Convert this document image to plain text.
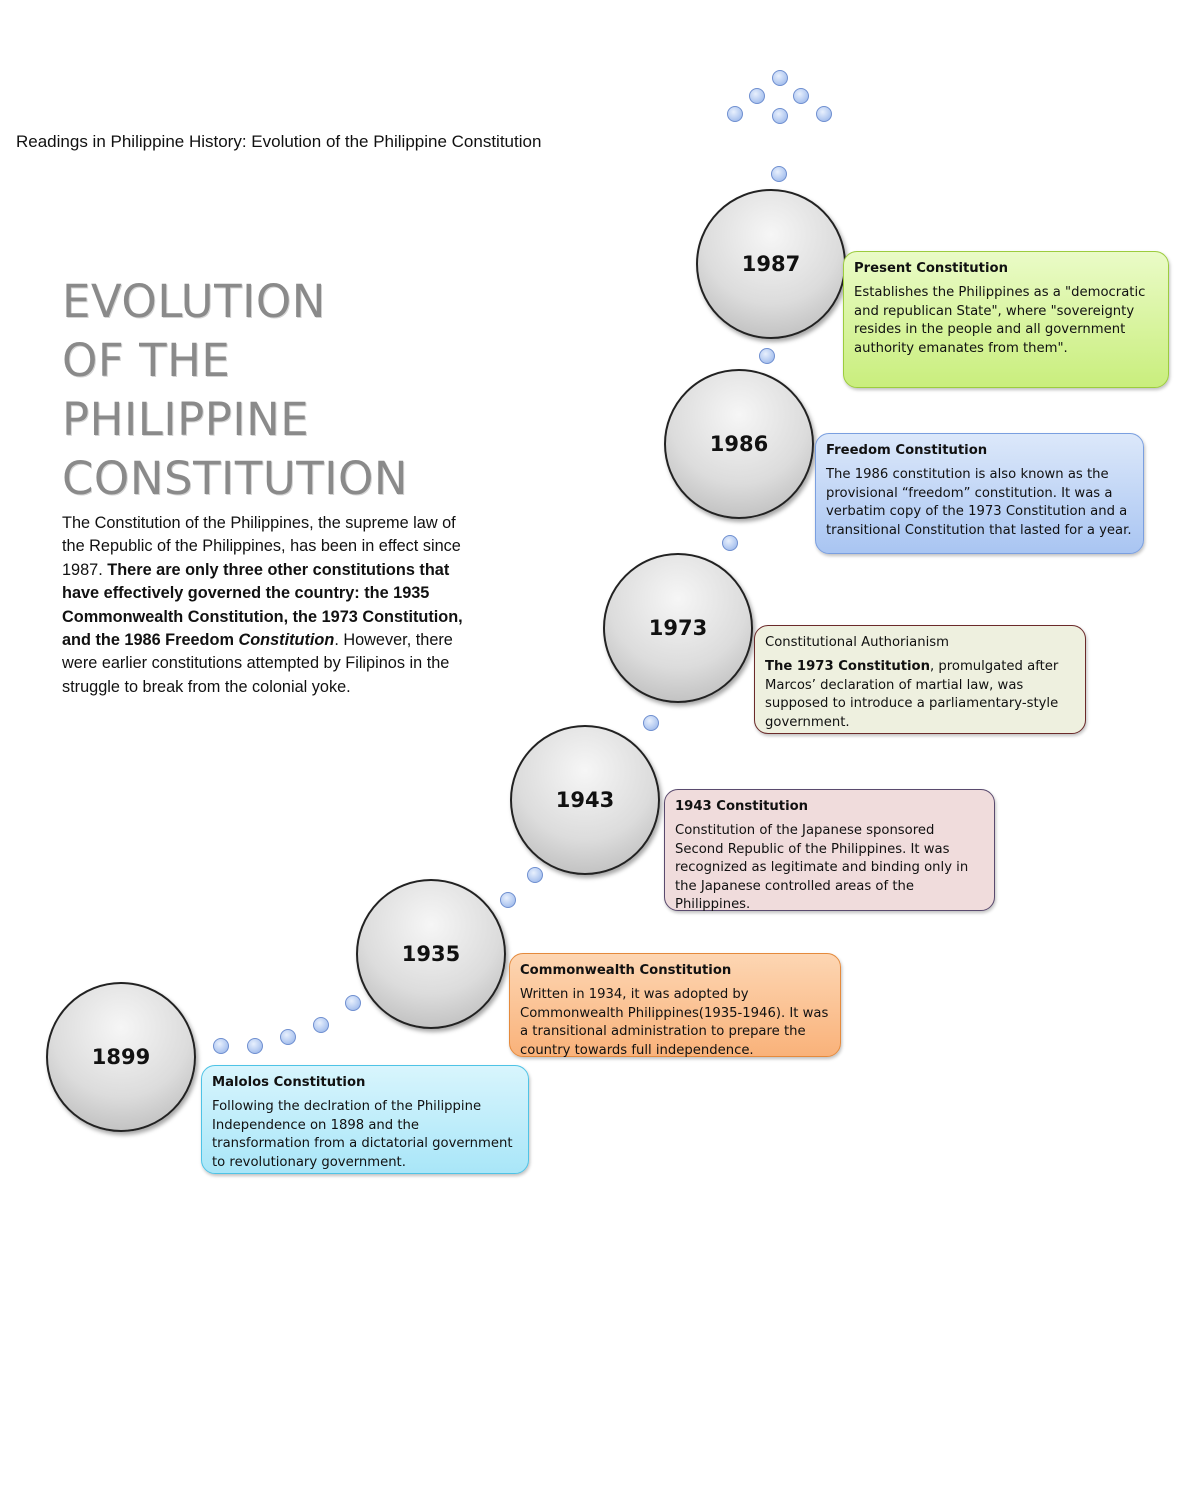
Readings in Philippine History: Evolution of the Philippine Constitution
EVOLUTION
OF THE
PHILIPPINE
CONSTITUTION
The Constitution of the Philippines, the supreme law of the Republic of the Philippines, has been in effect since 1987. There are only three other constitutions that have effectively governed the country: the 1935 Commonwealth Constitution, the 1973 Constitution, and the 1986 Freedom Constitution. However, there were earlier constitutions attempted by Filipinos in the struggle to break from the colonial yoke.
1899
1935
1943
1973
1986
1987
Malolos Constitution
Following the declration of the Philippine Independence on 1898 and the transformation from a dictatorial government to revolutionary government.
Commonwealth Constitution
Written in 1934, it was adopted by Commonwealth Philippines(1935-1946). It was a transitional administration to prepare the country towards full independence.
1943 Constitution
Constitution of the Japanese sponsored Second Republic of the Philippines. It was recognized as legitimate and binding only in the Japanese controlled areas of the Philippines.
Constitutional Authorianism
The 1973 Constitution, promulgated after Marcos’ declaration of martial law, was supposed to introduce a parliamentary-style government.
Freedom Constitution
The 1986 constitution is also known as the provisional “freedom” constitution. It was a verbatim copy of the 1973 Constitution and a transitional Constitution that lasted for a year.
Present Constitution
Establishes the Philippines as a "democratic and republican State", where "sovereignty resides in the people and all government authority emanates from them".
